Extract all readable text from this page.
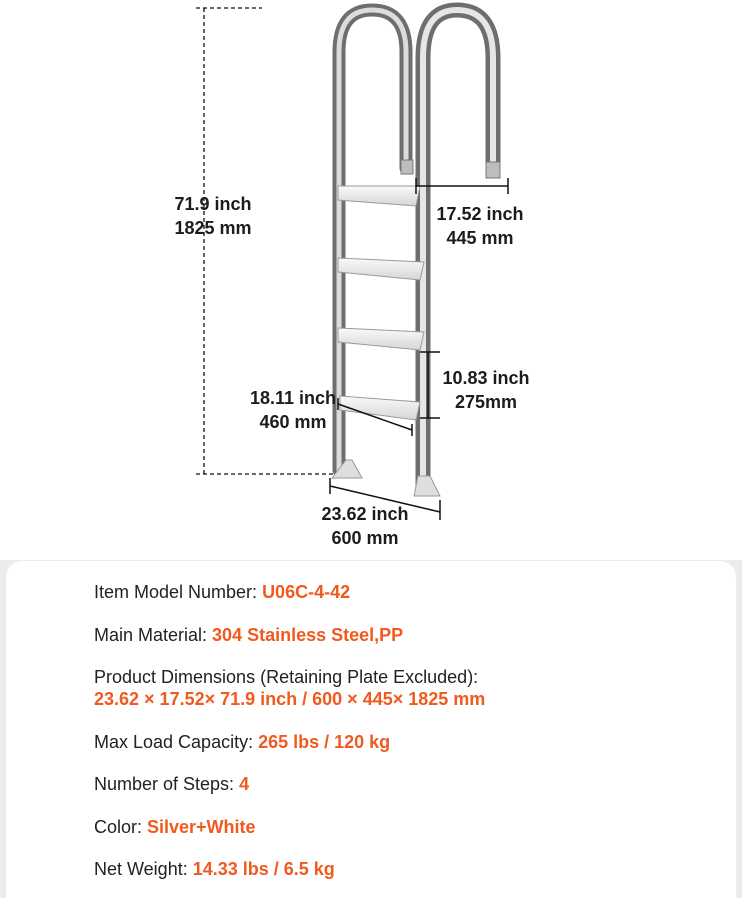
71.9 inch
1825 mm
17.52 inch
445 mm
10.83 inch
275mm
18.11 inch
460 mm
23.62 inch
600 mm
Item Model Number: U06C-4-42
Main Material: 304 Stainless Steel,PP
Product Dimensions (Retaining Plate Excluded):
23.62 × 17.52× 71.9 inch / 600 × 445× 1825 mm
Max Load Capacity: 265 lbs / 120 kg
Number of Steps: 4
Color: Silver+White
Net Weight: 14.33 lbs / 6.5 kg
